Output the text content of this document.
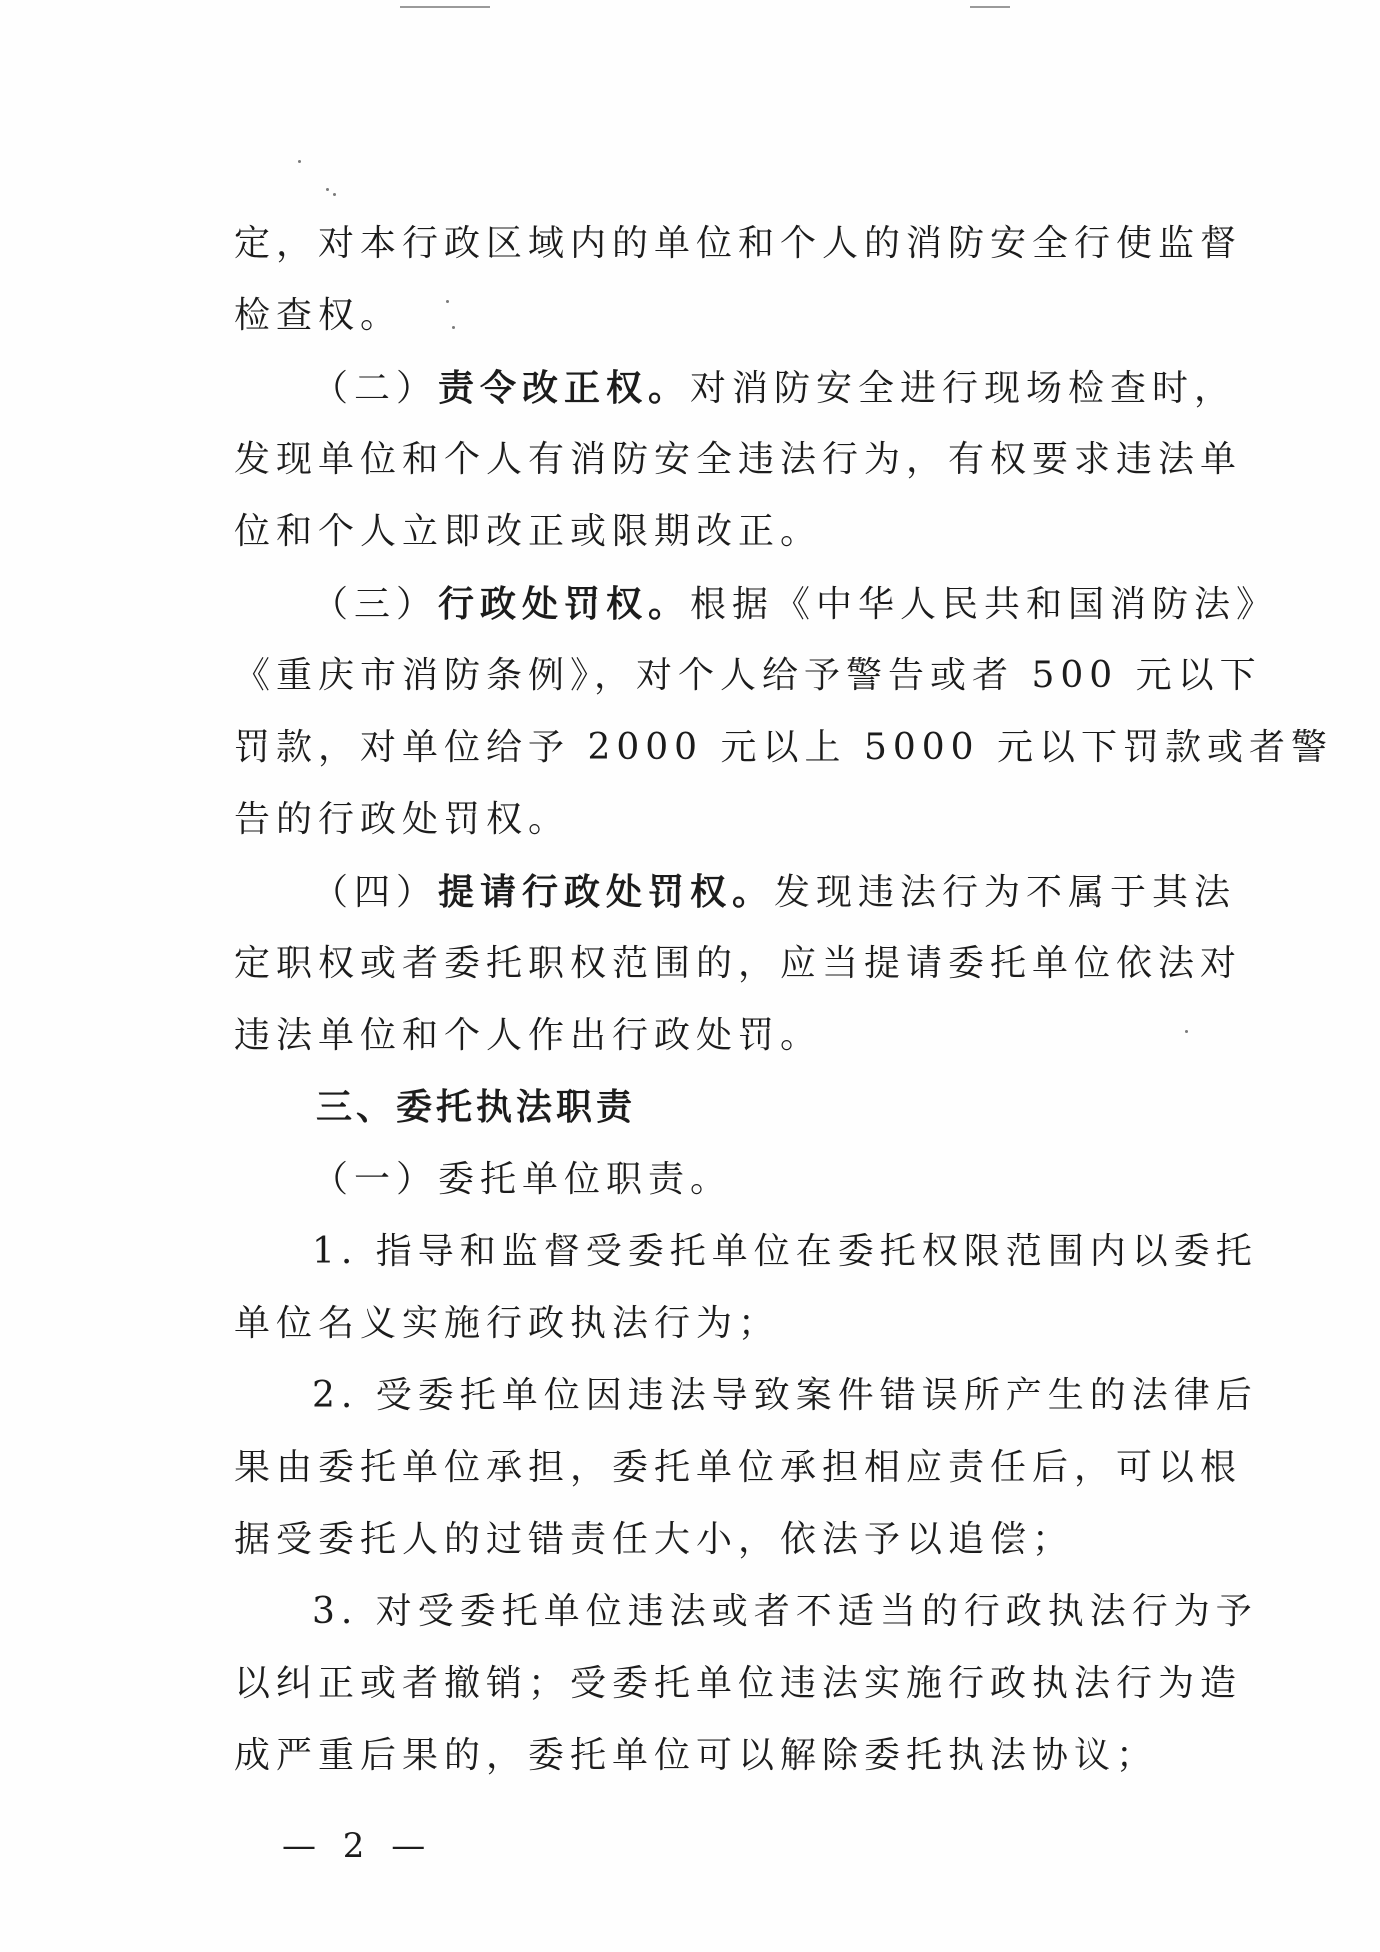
定，对本行政区域内的单位和个人的消防安全行使监督
检查权。
（二）责令改正权。对消防安全进行现场检查时，
发现单位和个人有消防安全违法行为，有权要求违法单
位和个人立即改正或限期改正。
（三）行政处罚权。根据《中华人民共和国消防法》
《重庆市消防条例》，对个人给予警告或者 500 元以下
罚款，对单位给予 2000 元以上 5000 元以下罚款或者警
告的行政处罚权。
（四）提请行政处罚权。发现违法行为不属于其法
定职权或者委托职权范围的，应当提请委托单位依法对
违法单位和个人作出行政处罚。
三、委托执法职责
（一）委托单位职责。
1. 指导和监督受委托单位在委托权限范围内以委托
单位名义实施行政执法行为；
2. 受委托单位因违法导致案件错误所产生的法律后
果由委托单位承担，委托单位承担相应责任后，可以根
据受委托人的过错责任大小，依法予以追偿；
3. 对受委托单位违法或者不适当的行政执法行为予
以纠正或者撤销；受委托单位违法实施行政执法行为造
成严重后果的，委托单位可以解除委托执法协议；
— 2 —
